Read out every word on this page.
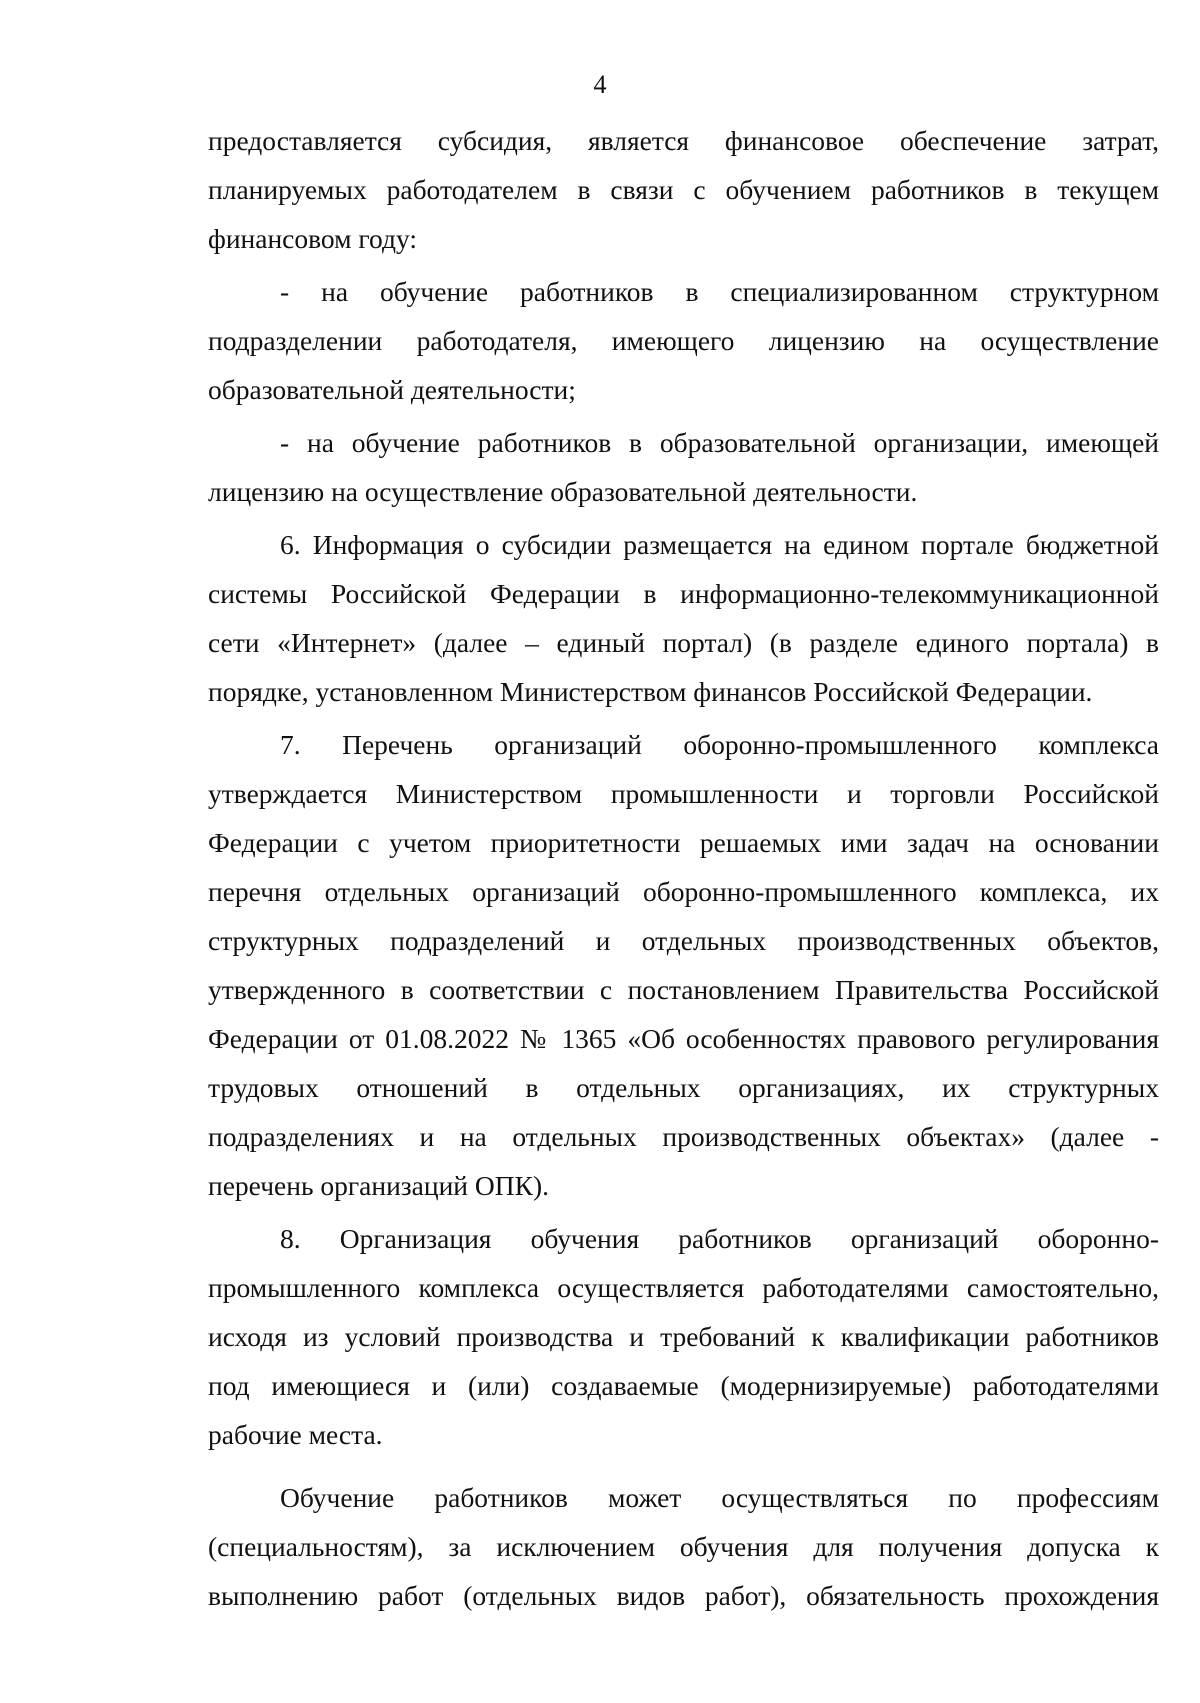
4
предоставляется субсидия, является финансовое обеспечение затрат,
планируемых работодателем в связи с обучением работников в текущем
финансовом году:
- на обучение работников в специализированном структурном
подразделении работодателя, имеющего лицензию на осуществление
образовательной деятельности;
- на обучение работников в образовательной организации, имеющей
лицензию на осуществление образовательной деятельности.
6. Информация о субсидии размещается на едином портале бюджетной
системы Российской Федерации в информационно-телекоммуникационной
сети «Интернет» (далее – единый портал) (в разделе единого портала) в
порядке, установленном Министерством финансов Российской Федерации.
7. Перечень организаций оборонно-промышленного комплекса
утверждается Министерством промышленности и торговли Российской
Федерации с учетом приоритетности решаемых ими задач на основании
перечня отдельных организаций оборонно-промышленного комплекса, их
структурных подразделений и отдельных производственных объектов,
утвержденного в соответствии с постановлением Правительства Российской
Федерации от 01.08.2022 № 1365 «Об особенностях правового регулирования
трудовых отношений в отдельных организациях, их структурных
подразделениях и на отдельных производственных объектах» (далее -
перечень организаций ОПК).
8. Организация обучения работников организаций оборонно-
промышленного комплекса осуществляется работодателями самостоятельно,
исходя из условий производства и требований к квалификации работников
под имеющиеся и (или) создаваемые (модернизируемые) работодателями
рабочие места.
Обучение работников может осуществляться по профессиям
(специальностям), за исключением обучения для получения допуска к
выполнению работ (отдельных видов работ), обязательность прохождения
